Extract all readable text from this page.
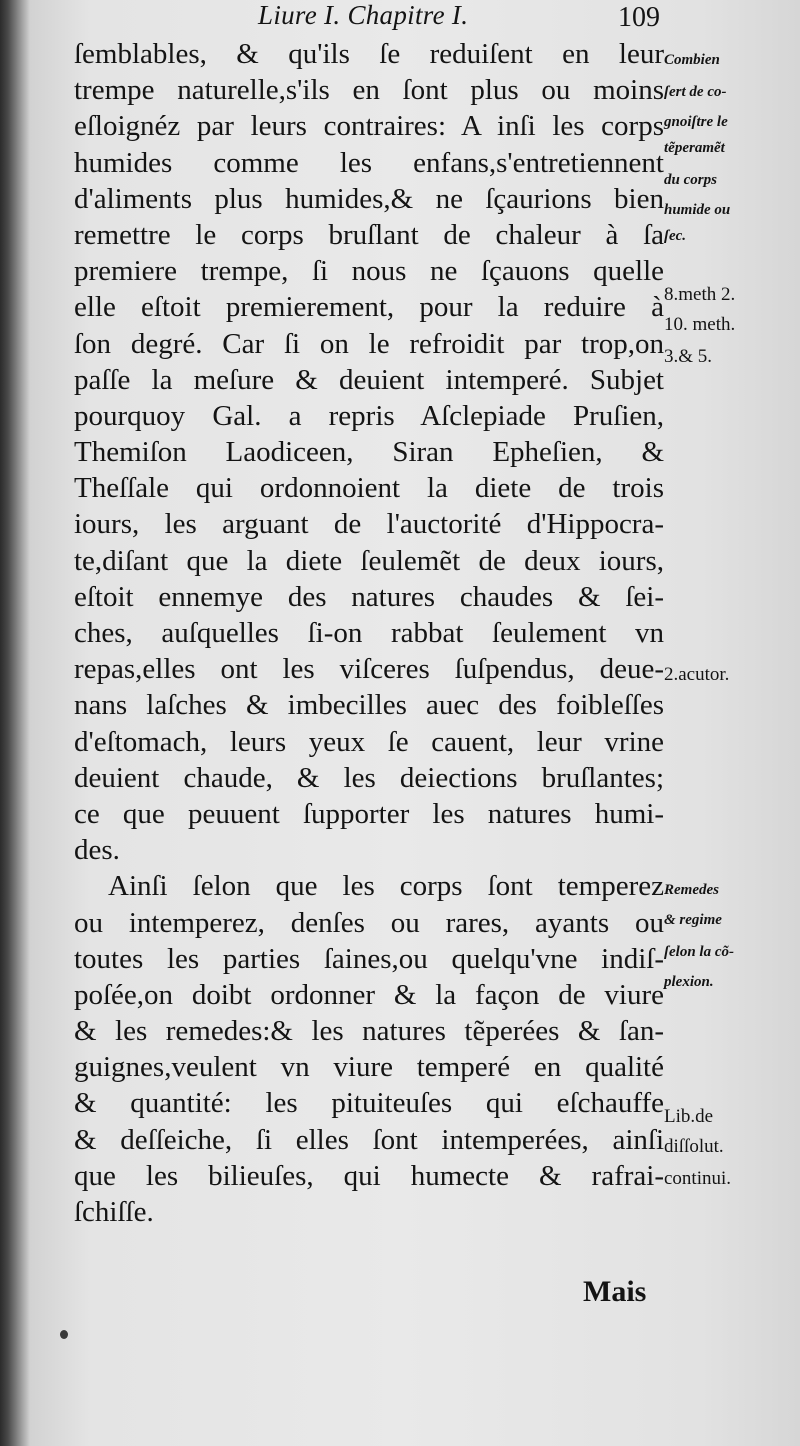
Liure I. Chapitre I.	109
ſemblables, & qu'ils ſe reduiſent en leur
trempe naturelle,s'ils en ſont plus ou moins
eſloignéz par leurs contraires: A inſi les corps
humides comme les enfans,s'entretiennent
d'aliments plus humides,& ne ſçaurions bien
remettre le corps bruſlant de chaleur à ſa
premiere trempe, ſi nous ne ſçauons quelle
elle eſtoit premierement, pour la reduire à
ſon degré. Car ſi on le refroidit par trop,on
paſſe la meſure & deuient intemperé. Subjet
pourquoy Gal. a repris Aſclepiade Pruſien,
Themiſon Laodiceen, Siran Epheſien, &
Theſſale qui ordonnoient la diete de trois
iours, les arguant de l'auctorité d'Hippocra-
te,diſant que la diete ſeulemẽt de deux iours,
eſtoit ennemye des natures chaudes & ſei-
ches, auſquelles ſi-on rabbat ſeulement vn
repas,elles ont les viſceres ſuſpendus, deue-
nans laſches & imbecilles auec des foibleſſes
d'eſtomach, leurs yeux ſe cauent, leur vrine
deuient chaude, & les deiections bruſlantes;
ce que peuuent ſupporter les natures humi-
des.
Ainſi ſelon que les corps ſont temperez
ou intemperez, denſes ou rares, ayants ou
toutes les parties ſaines,ou quelqu'vne indiſ-
poſée,on doibt ordonner & la façon de viure
& les remedes:& les natures tẽperées & ſan-
guignes,veulent vn viure temperé en qualité
& quantité: les pituiteuſes qui eſchauffe
& deſſeiche, ſi elles ſont intemperées, ainſi
que les bilieuſes, qui humecte & rafrai-
ſchiſſe.
Combien
ſert de co-
gnoiſtre le
tẽperamẽt
du corps
humide ou
ſec.
8.meth 2.
10. meth.
3.& 5.
2.acutor.
Remedes
& regime
ſelon la cõ-
plexion.
Lib.de
diſſolut.
continui.
Mais
